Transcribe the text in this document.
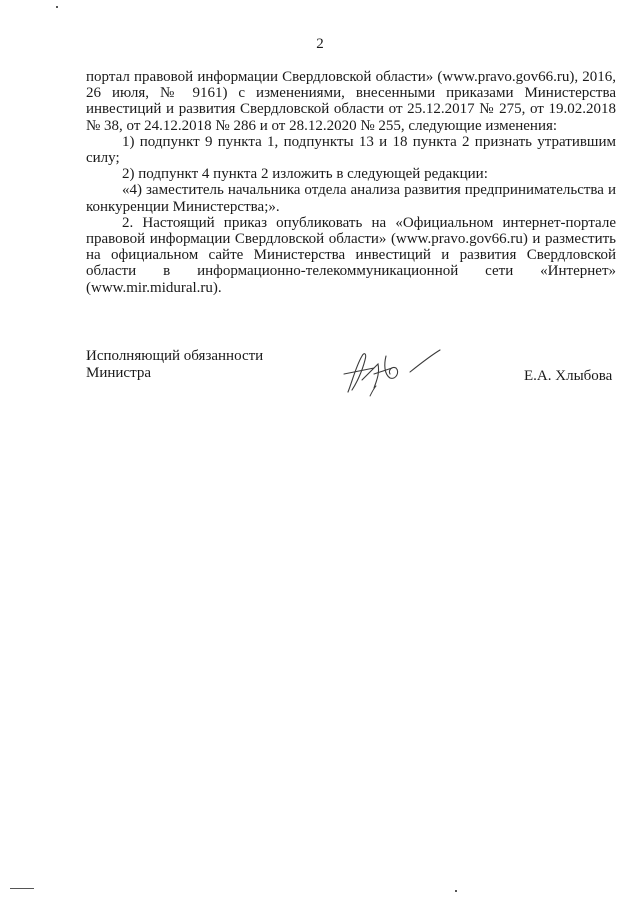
2

портал правовой информации Свердловской области» (www.pravo.gov66.ru), 2016, 26 июля, № 9161) с изменениями, внесенными приказами Министерства инвестиций и развития Свердловской области от 25.12.2017 № 275, от 19.02.2018 № 38, от 24.12.2018 № 286 и от 28.12.2020 № 255, следующие изменения:

1) подпункт 9 пункта 1, подпункты 13 и 18 пункта 2 признать утратившим силу;

2) подпункт 4 пункта 2 изложить в следующей редакции:

«4) заместитель начальника отдела анализа развития предпринимательства и конкуренции Министерства;».

2. Настоящий приказ опубликовать на «Официальном интернет-портале правовой информации Свердловской области» (www.pravo.gov66.ru) и разместить на официальном сайте Министерства инвестиций и развития Свердловской области в информационно-телекоммуникационной сети «Интернет»

(www.mir.midural.ru).

Исполняющий обязанности
Министра	Е.А. Хлыбова
